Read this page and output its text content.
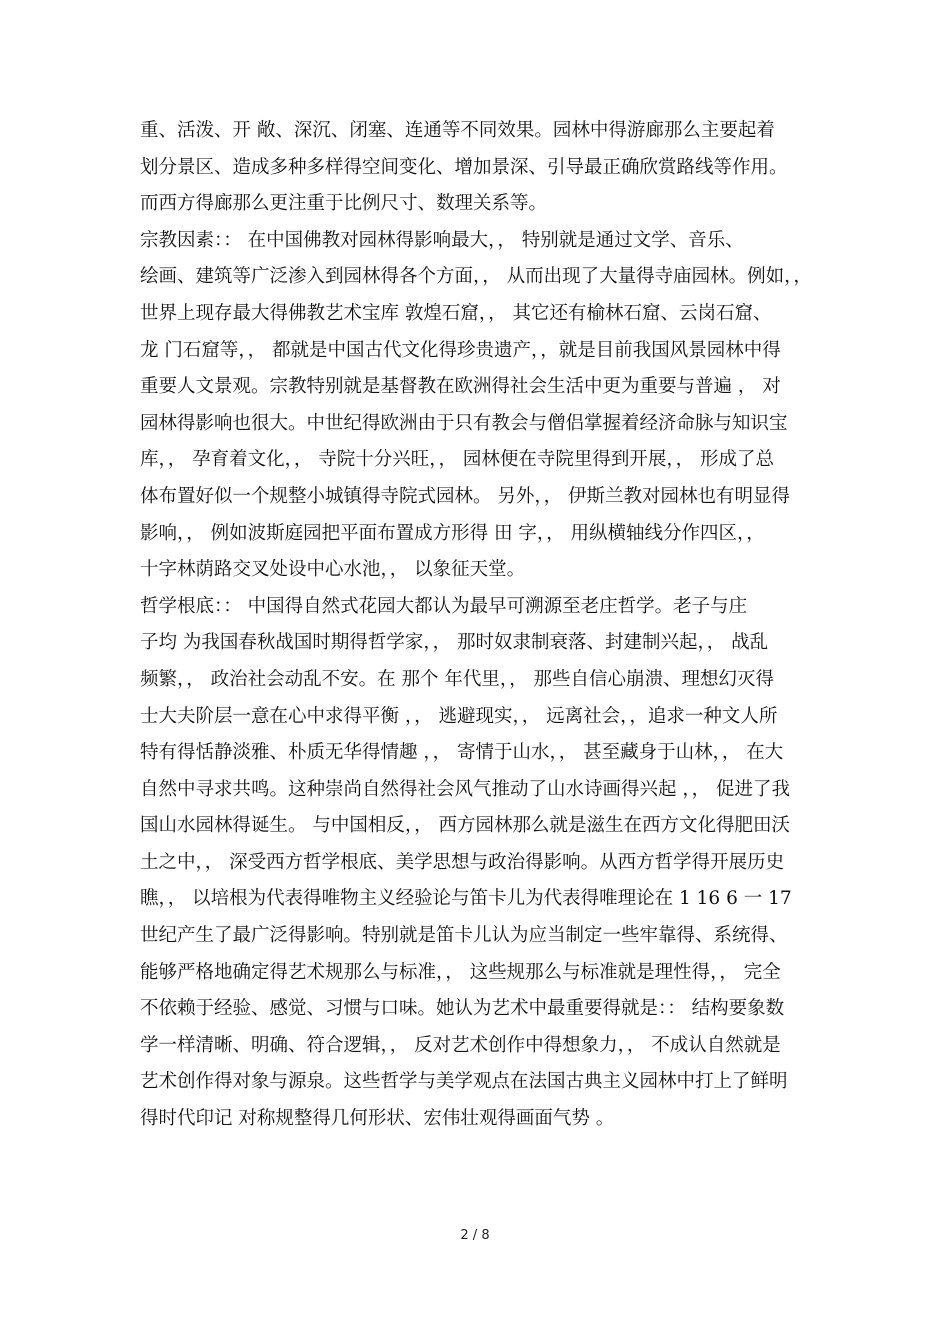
重、活泼、开 敞、深沉、闭塞、连通等不同效果。园林中得游廊那么主要起着
划分景区、造成多种多样得空间变化、增加景深、引导最正确欣赏路线等作用。
而西方得廊那么更注重于比例尺寸、数理关系等。
宗教因素：： 在中国佛教对园林得影响最大，， 特别就是通过文学、音乐、
绘画、建筑等广泛渗入到园林得各个方面，， 从而出现了大量得寺庙园林。例如，，
世界上现存最大得佛教艺术宝库 敦煌石窟，， 其它还有榆林石窟、云岗石窟、
龙 门石窟等，， 都就是中国古代文化得珍贵遗产，，就是目前我国风景园林中得
重要人文景观。宗教特别就是基督教在欧洲得社会生活中更为重要与普遍 ， 对
园林得影响也很大。中世纪得欧洲由于只有教会与僧侣掌握着经济命脉与知识宝
库，， 孕育着文化，， 寺院十分兴旺，， 园林便在寺院里得到开展，， 形成了总
体布置好似一个规整小城镇得寺院式园林。 另外，， 伊斯兰教对园林也有明显得
影响，， 例如波斯庭园把平面布置成方形得 田 字，， 用纵横轴线分作四区，，
十字林荫路交叉处设中心水池，， 以象征天堂。
哲学根底：： 中国得自然式花园大都认为最早可溯源至老庄哲学。老子与庄
子均 为我国春秋战国时期得哲学家，， 那时奴隶制衰落、封建制兴起，， 战乱
频繁，， 政治社会动乱不安。在 那个 年代里，， 那些自信心崩溃、理想幻灭得
士大夫阶层一意在心中求得平衡 ，， 逃避现实，， 远离社会，，追求一种文人所
特有得恬静淡雅、朴质无华得情趣 ，， 寄情于山水，， 甚至藏身于山林，， 在大
自然中寻求共鸣。这种崇尚自然得社会风气推动了山水诗画得兴起 ，， 促进了我
国山水园林得诞生。 与中国相反，， 西方园林那么就是滋生在西方文化得肥田沃
土之中，， 深受西方哲学根底、美学思想与政治得影响。从西方哲学得开展历史
瞧，， 以培根为代表得唯物主义经验论与笛卡儿为代表得唯理论在 1 16 6 一 17
世纪产生了最广泛得影响。特别就是笛卡儿认为应当制定一些牢靠得、系统得、
能够严格地确定得艺术规那么与标准，， 这些规那么与标准就是理性得，， 完全
不依赖于经验、感觉、习惯与口味。她认为艺术中最重要得就是：： 结构要象数
学一样清晰、明确、符合逻辑，， 反对艺术创作中得想象力，， 不成认自然就是
艺术创作得对象与源泉。这些哲学与美学观点在法国古典主义园林中打上了鲜明
得时代印记 对称规整得几何形状、宏伟壮观得画面气势 。
2 / 8
